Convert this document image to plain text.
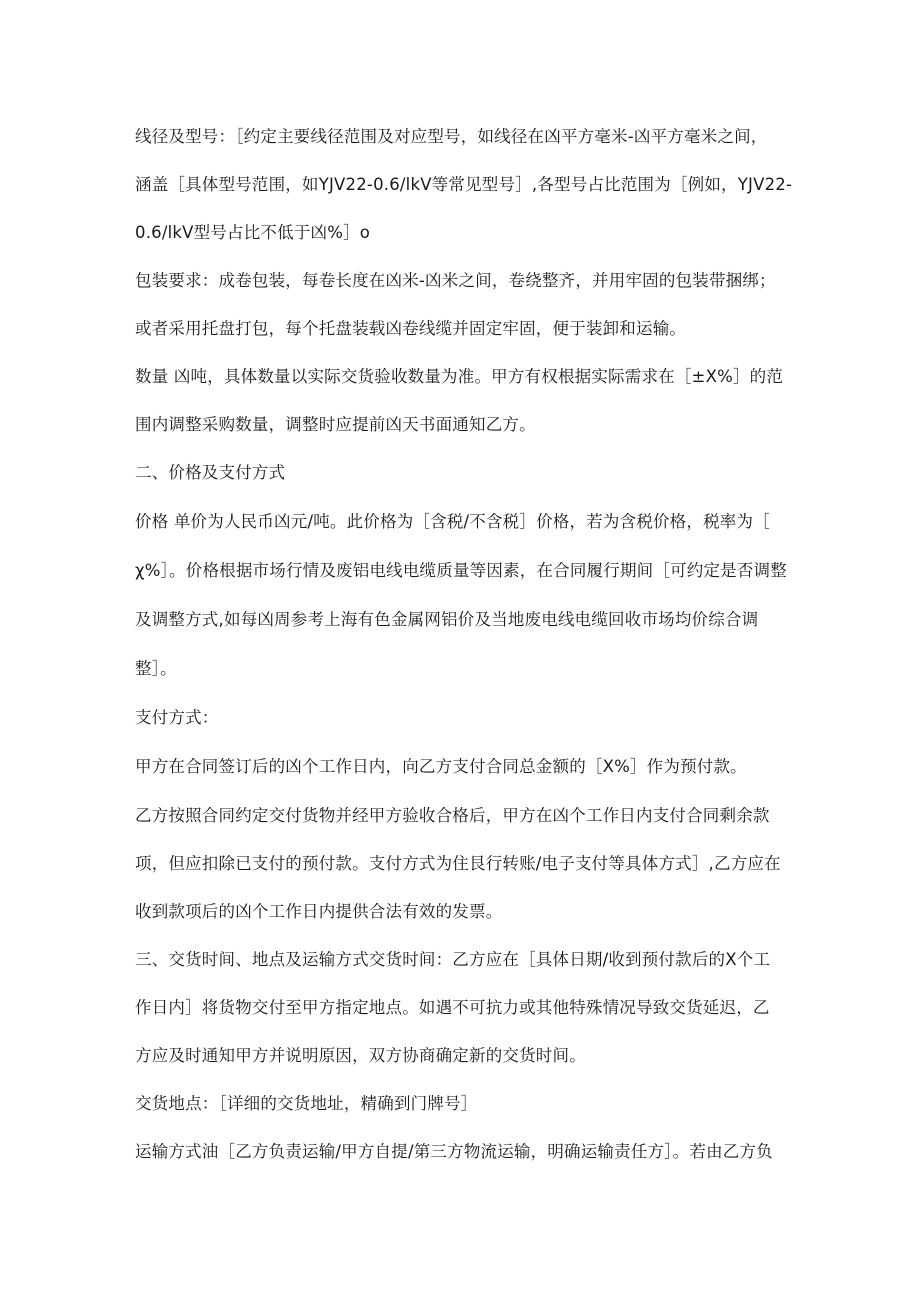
线径及型号：［约定主要线径范围及对应型号，如线径在凶平方毫米-凶平方毫米之间，
涵盖［具体型号范围，如YJV22-0.6/lkV等常见型号］,各型号占比范围为［例如，YJV22-
0.6/lkV型号占比不低于凶%］o
包装要求：成卷包装，每卷长度在凶米-凶米之间，卷绕整齐，并用牢固的包装带捆绑；
或者采用托盘打包，每个托盘装载凶卷线缆并固定牢固，便于装卸和运输。
数量 凶吨，具体数量以实际交货验收数量为准。甲方有权根据实际需求在［±X%］的范
围内调整采购数量，调整时应提前凶天书面通知乙方。
二、价格及支付方式
价格 单价为人民币凶元/吨。此价格为［含税/不含税］价格，若为含税价格，税率为［
χ%］。价格根据市场行情及废铝电线电缆质量等因素，在合同履行期间［可约定是否调整
及调整方式,如每凶周参考上海有色金属网铝价及当地废电线电缆回收市场均价综合调
整］。
支付方式：
甲方在合同签订后的凶个工作日内，向乙方支付合同总金额的［X%］作为预付款。
乙方按照合同约定交付货物并经甲方验收合格后，甲方在凶个工作日内支付合同剩余款
项，但应扣除已支付的预付款。支付方式为住艮行转账/电子支付等具体方式］,乙方应在
收到款项后的凶个工作日内提供合法有效的发票。
三、交货时间、地点及运输方式交货时间：乙方应在［具体日期/收到预付款后的X个工
作日内］将货物交付至甲方指定地点。如遇不可抗力或其他特殊情况导致交货延迟，乙
方应及时通知甲方并说明原因，双方协商确定新的交货时间。
交货地点：［详细的交货地址，精确到门牌号］
运输方式油［乙方负责运输/甲方自提/第三方物流运输，明确运输责任方］。若由乙方负
